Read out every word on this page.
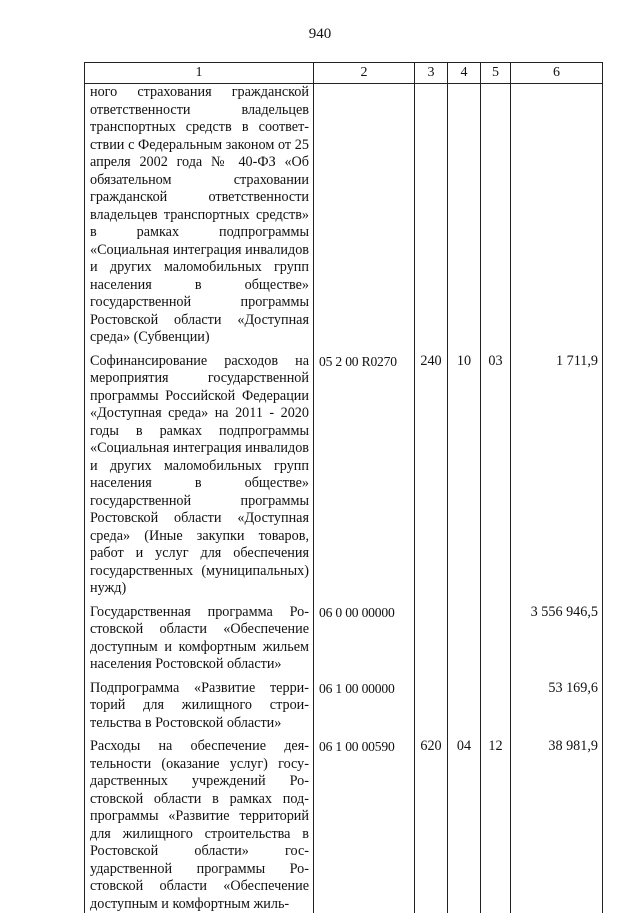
940
1	2	3	4	5	6
ного страхования гражданской ответственности владельцев транспортных средств в соответствии с Федеральным законом от 25 апреля 2002 года № 40-ФЗ «Об обязательном страховании гражданской ответственности владельцев транспортных средств» в рамках подпрограммы «Социальная интеграция инвалидов и других маломобильных групп населения в обществе» государственной программы Ростовской области «Доступная среда» (Субвенции)					

Софинансирование расходов на мероприятия государственной программы Российской Федерации «Доступная среда» на 2011 - 2020 годы в рамках подпрограммы «Социальная интеграция инвалидов и других маломобильных групп населения в обществе» государственной программы Ростовской области «Доступная среда» (Иные закупки товаров, работ и услуг для обеспечения государственных (муниципальных) нужд)	05 2 00 R0270	240	10	03	1 711,9

Государственная программа Ростовской области «Обеспечение доступным и комфортным жильем населения Ростовской области»	06 0 00 00000				3 556 946,5

Подпрограмма «Развитие территорий для жилищного строительства в Ростовской области»	06 1 00 00000				53 169,6

Расходы на обеспечение деятельности (оказание услуг) государственных учреждений Ростовской области в рамках подпрограммы «Развитие территорий для жилищного строительства в Ростовской области» государственной программы Ростовской области «Обеспечение доступным и комфортным жиль-	06 1 00 00590	620	04	12	38 981,9
